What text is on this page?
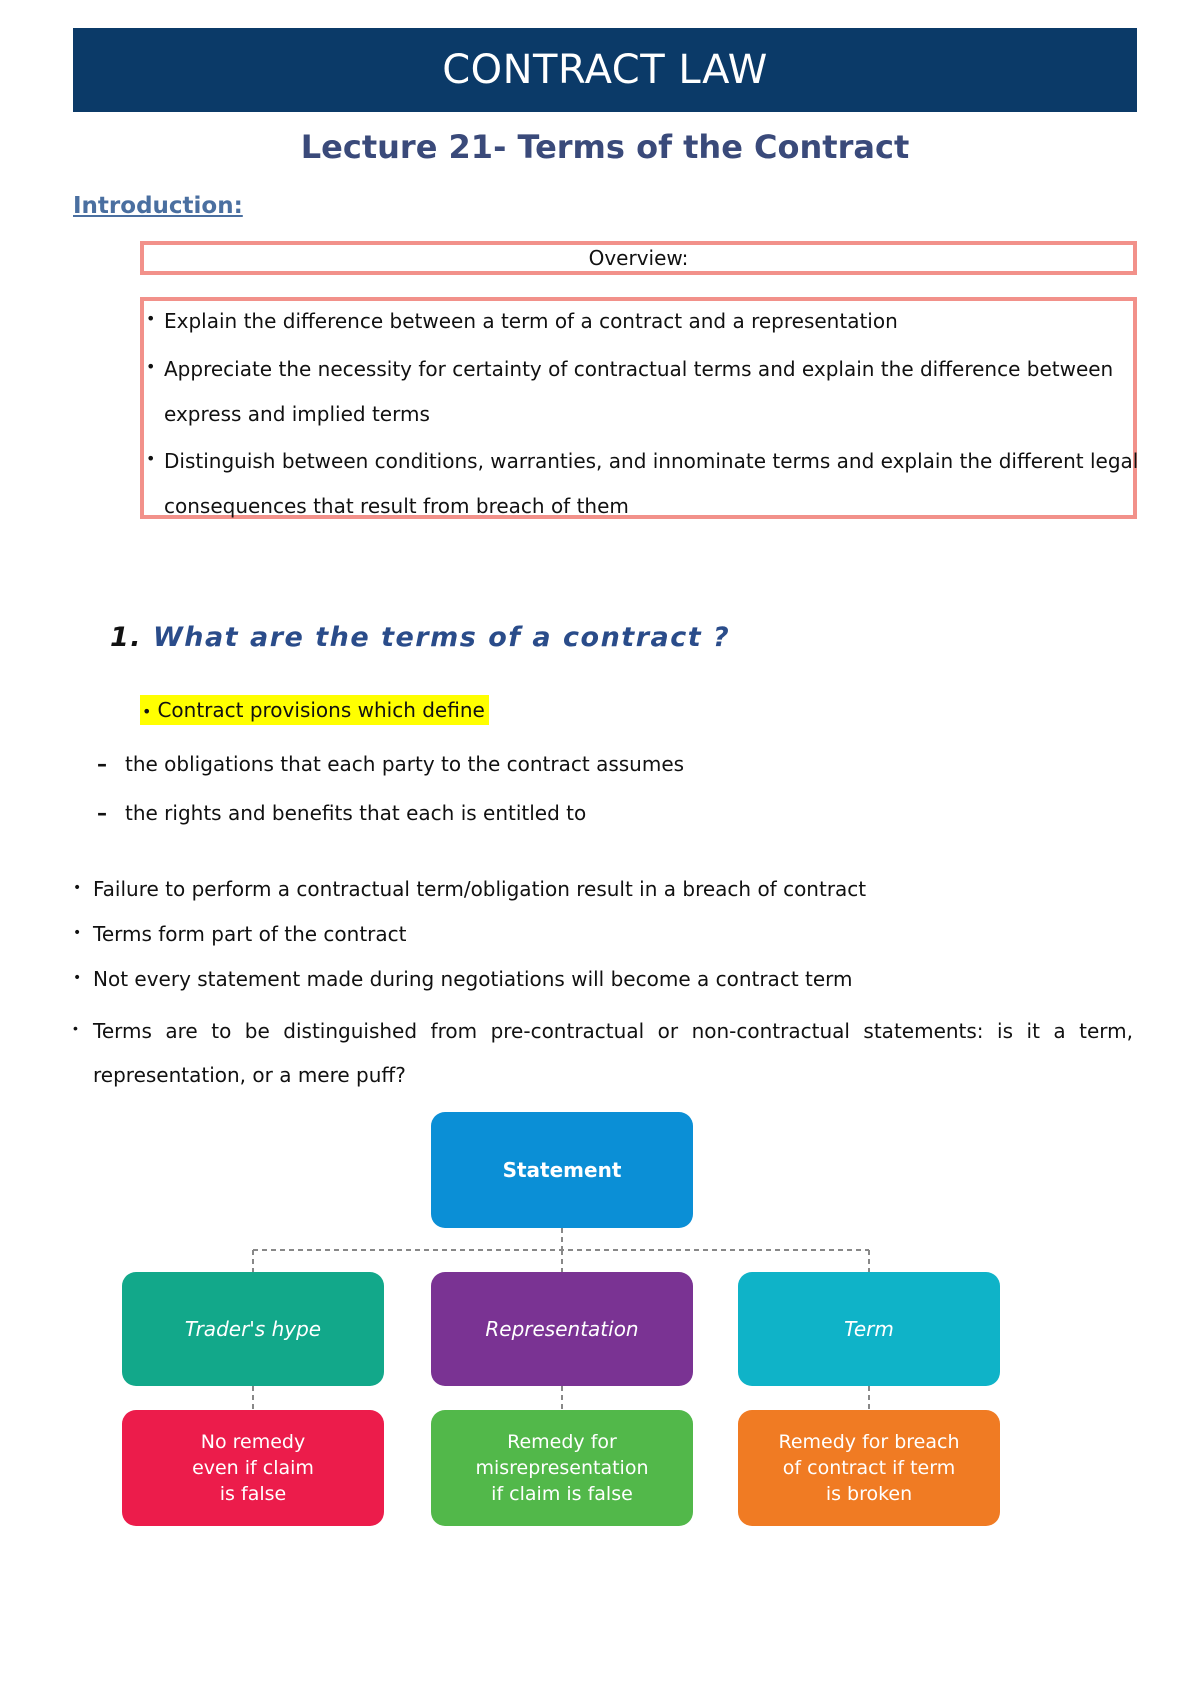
CONTRACT LAW
Lecture 21- Terms of the Contract
Introduction:
Overview:
• Explain the difference between a term of a contract and a representation
• Appreciate the necessity for certainty of contractual terms and explain the difference between
express and implied terms
• Distinguish between conditions, warranties, and innominate terms and explain the different legal
consequences that result from breach of them
1. What are the terms of a contract ?
• Contract provisions which define
– the obligations that each party to the contract assumes
– the rights and benefits that each is entitled to
• Failure to perform a contractual term/obligation result in a breach of contract
• Terms form part of the contract
• Not every statement made during negotiations will become a contract term
• Terms are to be distinguished from pre-contractual or non-contractual statements: is it a term, representation, or a mere puff?
Statement
Trader's hype	Representation	Term
No remedy
even if claim
is false
Remedy for
misrepresentation
if claim is false
Remedy for breach
of contract if term
is broken
